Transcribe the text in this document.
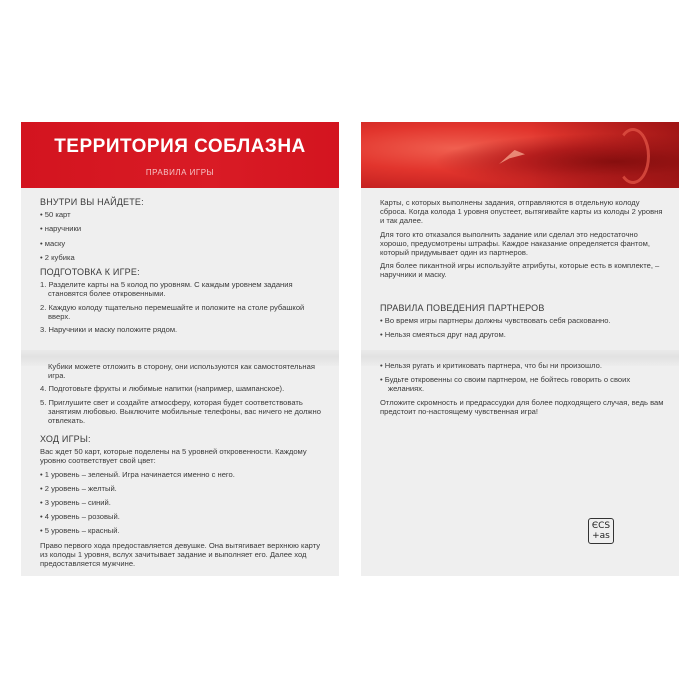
ТЕРРИТОРИЯ СОБЛАЗНА
ПРАВИЛА ИГРЫ
ВНУТРИ ВЫ НАЙДЕТЕ:
• 50 карт
• наручники
• маску
• 2 кубика
ПОДГОТОВКА К ИГРЕ:
1. Разделите карты на 5 колод по уровням. С каждым уровнем задания становятся более откровенными.
2. Каждую колоду тщательно перемешайте и положите на столе рубашкой вверх.
3. Наручники и маску положите рядом.
Кубики можете отложить в сторону, они используются как самостоятельная игра.
4. Подготовьте фрукты и любимые напитки (например, шампанское).
5. Приглушите свет и создайте атмосферу, которая будет соответствовать занятиям любовью. Выключите мобильные телефоны, вас ничего не должно отвлекать.
ХОД ИГРЫ:
Вас ждет 50 карт, которые поделены на 5 уровней откровенности. Каждому уровню соответствует свой цвет:
• 1 уровень – зеленый. Игра начинается именно с него.
• 2 уровень – желтый.
• 3 уровень – синий.
• 4 уровень – розовый.
• 5 уровень – красный.
Право первого хода предоставляется девушке. Она вытягивает верхнюю карту из колоды 1 уровня, вслух зачитывает задание и выполняет его. Далее ход предоставляется мужчине.
Карты, с которых выполнены задания, отправляются в отдельную колоду сброса. Когда колода 1 уровня опустеет, вытягивайте карты из колоды 2 уровня и так далее.
Для того кто отказался выполнить задание или сделал это недостаточно хорошо, предусмотрены штрафы. Каждое наказание определяется фантом, который придумывает один из партнеров.
Для более пикантной игры используйте атрибуты, которые есть в комплекте, – наручники и маску.
ПРАВИЛА ПОВЕДЕНИЯ ПАРТНЕРОВ
• Во время игры партнеры должны чувствовать себя раскованно.
• Нельзя смеяться друг над другом.
• Нельзя ругать и критиковать партнера, что бы ни произошло.
• Будьте откровенны со своим партнером, не бойтесь говорить о своих желаниях.
Отложите скромность и предрассудки для более подходящего случая, ведь вам предстоит по-настоящему чувственная игра!
ЄCS
+as
